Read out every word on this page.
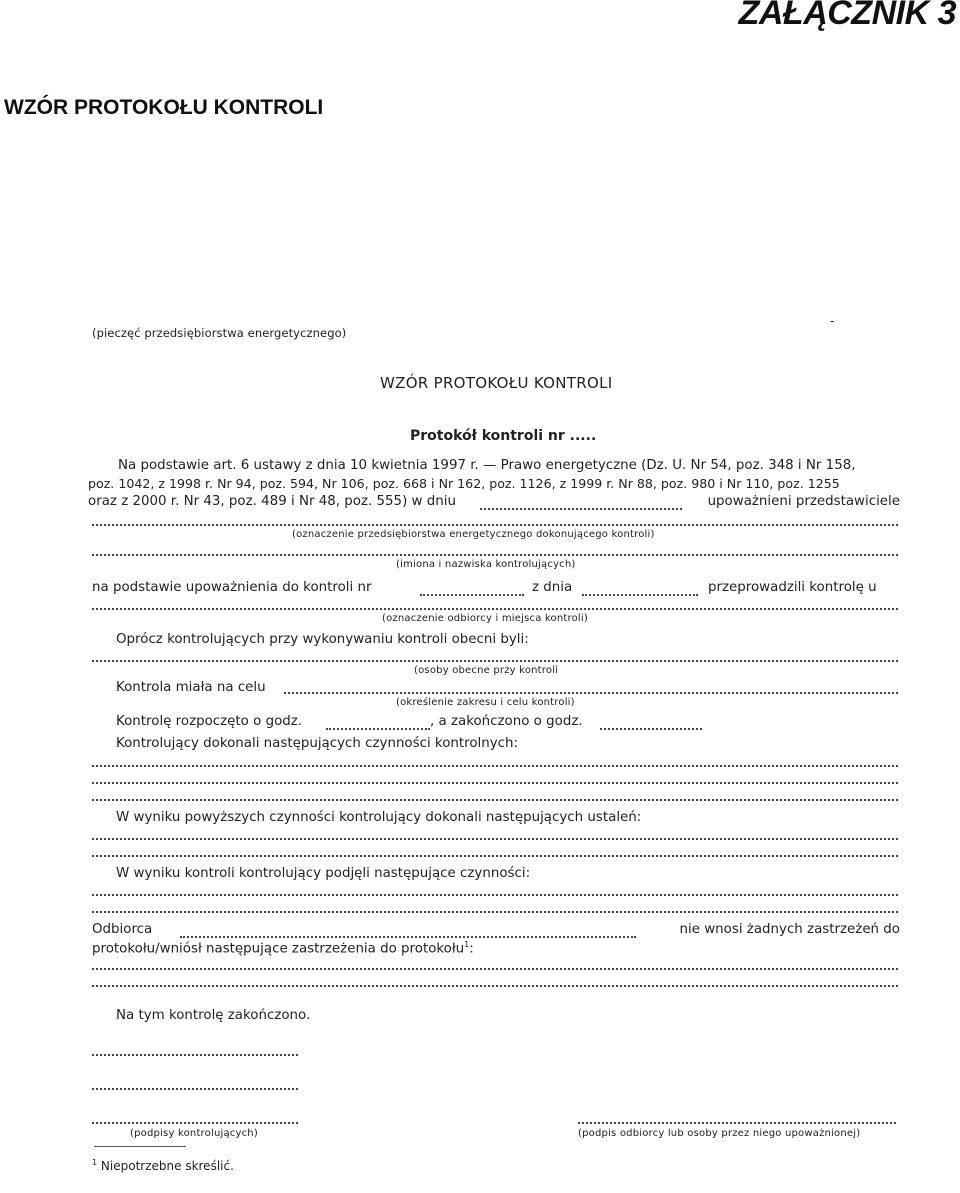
ZAŁĄCZNIK 3
WZÓR PROTOKOŁU KONTROLI
(pieczęć przedsiębiorstwa energetycznego)
-
WZÓR PROTOKOŁU KONTROLI
Protokół kontroli nr .....
Na podstawie art. 6 ustawy z dnia 10 kwietnia 1997 r. — Prawo energetyczne (Dz. U. Nr 54, poz. 348 i Nr 158,
poz. 1042, z 1998 r. Nr 94, poz. 594, Nr 106, poz. 668 i Nr 162, poz. 1126, z 1999 r. Nr 88, poz. 980 i Nr 110, poz. 1255
oraz z 2000 r. Nr 43, poz. 489 i Nr 48, poz. 555) w dniu	upoważnieni przedstawiciele
(oznaczenie przedsiębiorstwa energetycznego dokonującego kontroli)
(imiona i nazwiska kontrolujących)
na podstawie upoważnienia do kontroli nr	z dnia	przeprowadzili kontrolę u
(oznaczenie odbiorcy i miejsca kontroli)
Oprócz kontrolujących przy wykonywaniu kontroli obecni byli:
(osoby obecne przy kontroli
Kontrola miała na celu
(określenie zakresu i celu kontroli)
Kontrolę rozpoczęto o godz.	, a zakończono o godz.
Kontrolujący dokonali następujących czynności kontrolnych:
W wyniku powyższych czynności kontrolujący dokonali następujących ustaleń:
W wyniku kontroli kontrolujący podjęli następujące czynności:
Odbiorca	nie wnosi żadnych zastrzeżeń do
protokołu/wniósł następujące zastrzeżenia do protokołu$^1$:
Na tym kontrolę zakończono.
(podpisy kontrolujących)	(podpis odbiorcy lub osoby przez niego upoważnionej)
$^1$ Niepotrzebne skreślić.
